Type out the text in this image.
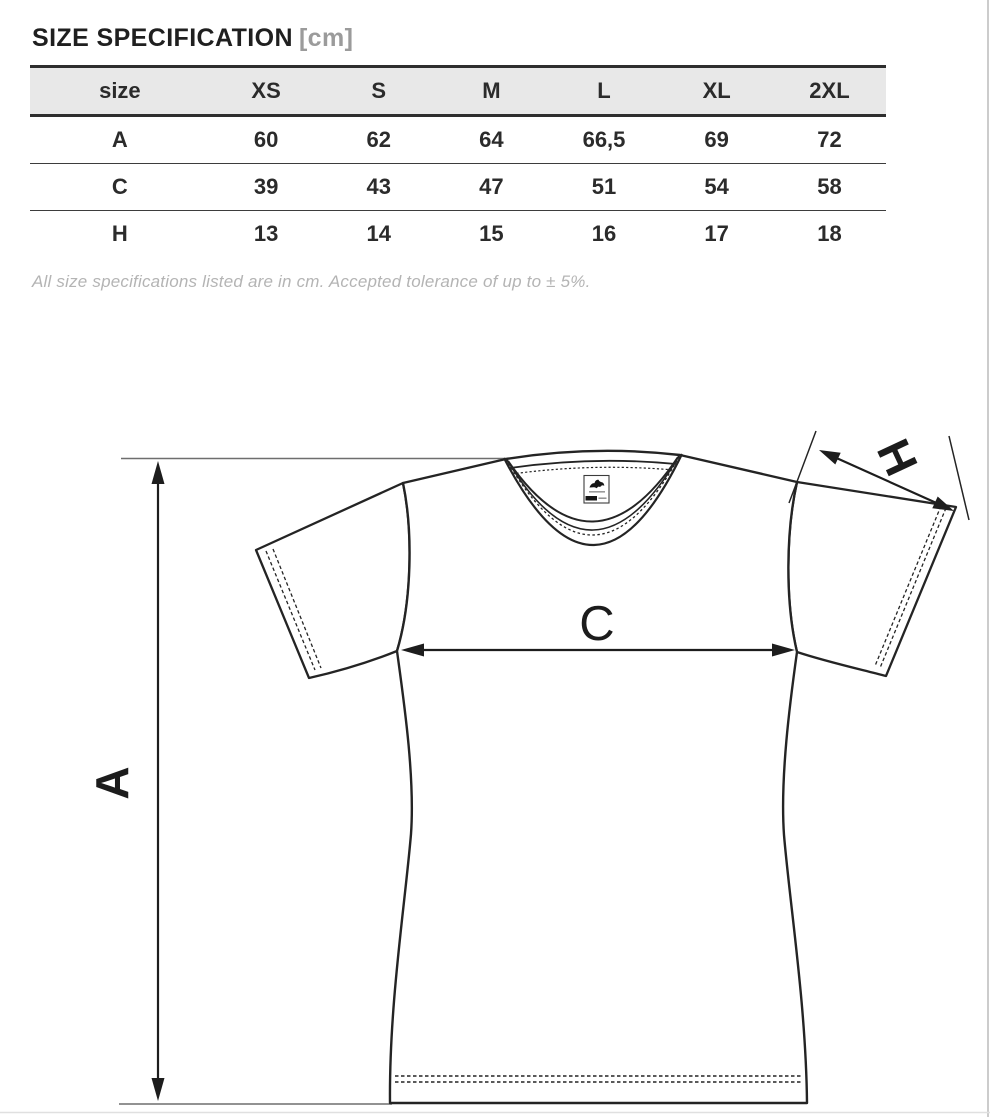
SIZE SPECIFICATION [cm]
size	XS	S	M	L	XL	2XL
A	60	62	64	66,5	69	72
C	39	43	47	51	54	58
H	13	14	15	16	17	18

All size specifications listed are in cm. Accepted tolerance of up to ± 5%.

A
C
H
